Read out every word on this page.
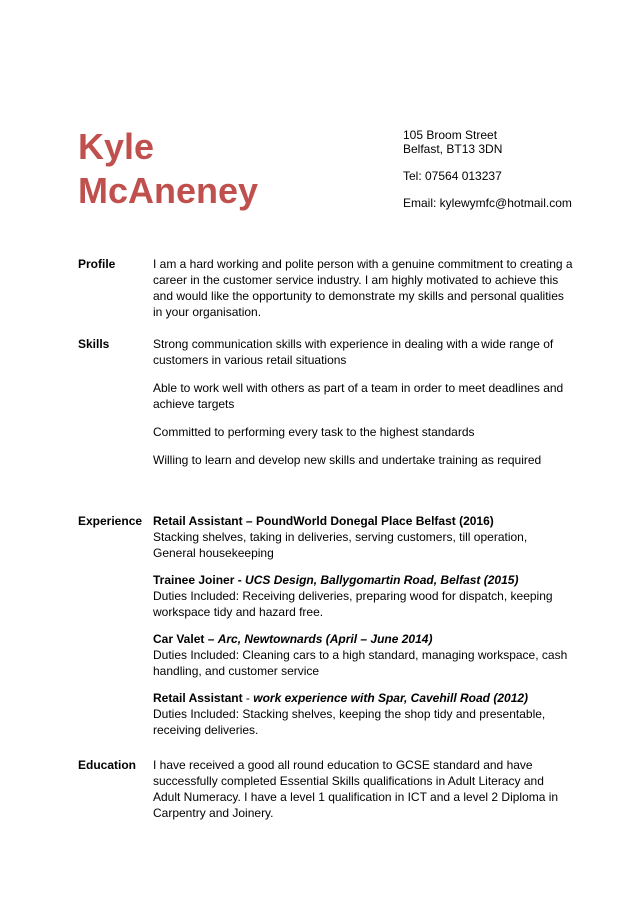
Kyle
McAneney
105 Broom Street
Belfast, BT13 3DN
Tel: 07564 013237
Email: kylewymfc@hotmail.com
Profile	I am a hard working and polite person with a genuine commitment to creating a career in the customer service industry. I am highly motivated to achieve this and would like the opportunity to demonstrate my skills and personal qualities in your organisation.

Skills	Strong communication skills with experience in dealing with a wide range of customers in various retail situations

Able to work well with others as part of a team in order to meet deadlines and achieve targets

Committed to performing every task to the highest standards

Willing to learn and develop new skills and undertake training as required

Experience Retail Assistant – PoundWorld Donegal Place Belfast (2016)

Stacking shelves, taking in deliveries, serving customers, till operation, General housekeeping

Trainee Joiner - UCS Design, Ballygomartin Road, Belfast (2015)

Duties Included: Receiving deliveries, preparing wood for dispatch, keeping workspace tidy and hazard free.

Car Valet – Arc, Newtownards (April – June 2014)

Duties Included: Cleaning cars to a high standard, managing workspace, cash handling, and customer service

Retail Assistant - work experience with Spar, Cavehill Road (2012)

Duties Included: Stacking shelves, keeping the shop tidy and presentable, receiving deliveries.

Education I have received a good all round education to GCSE standard and have successfully completed Essential Skills qualifications in Adult Literacy and Adult Numeracy. I have a level 1 qualification in ICT and a level 2 Diploma in Carpentry and Joinery.
